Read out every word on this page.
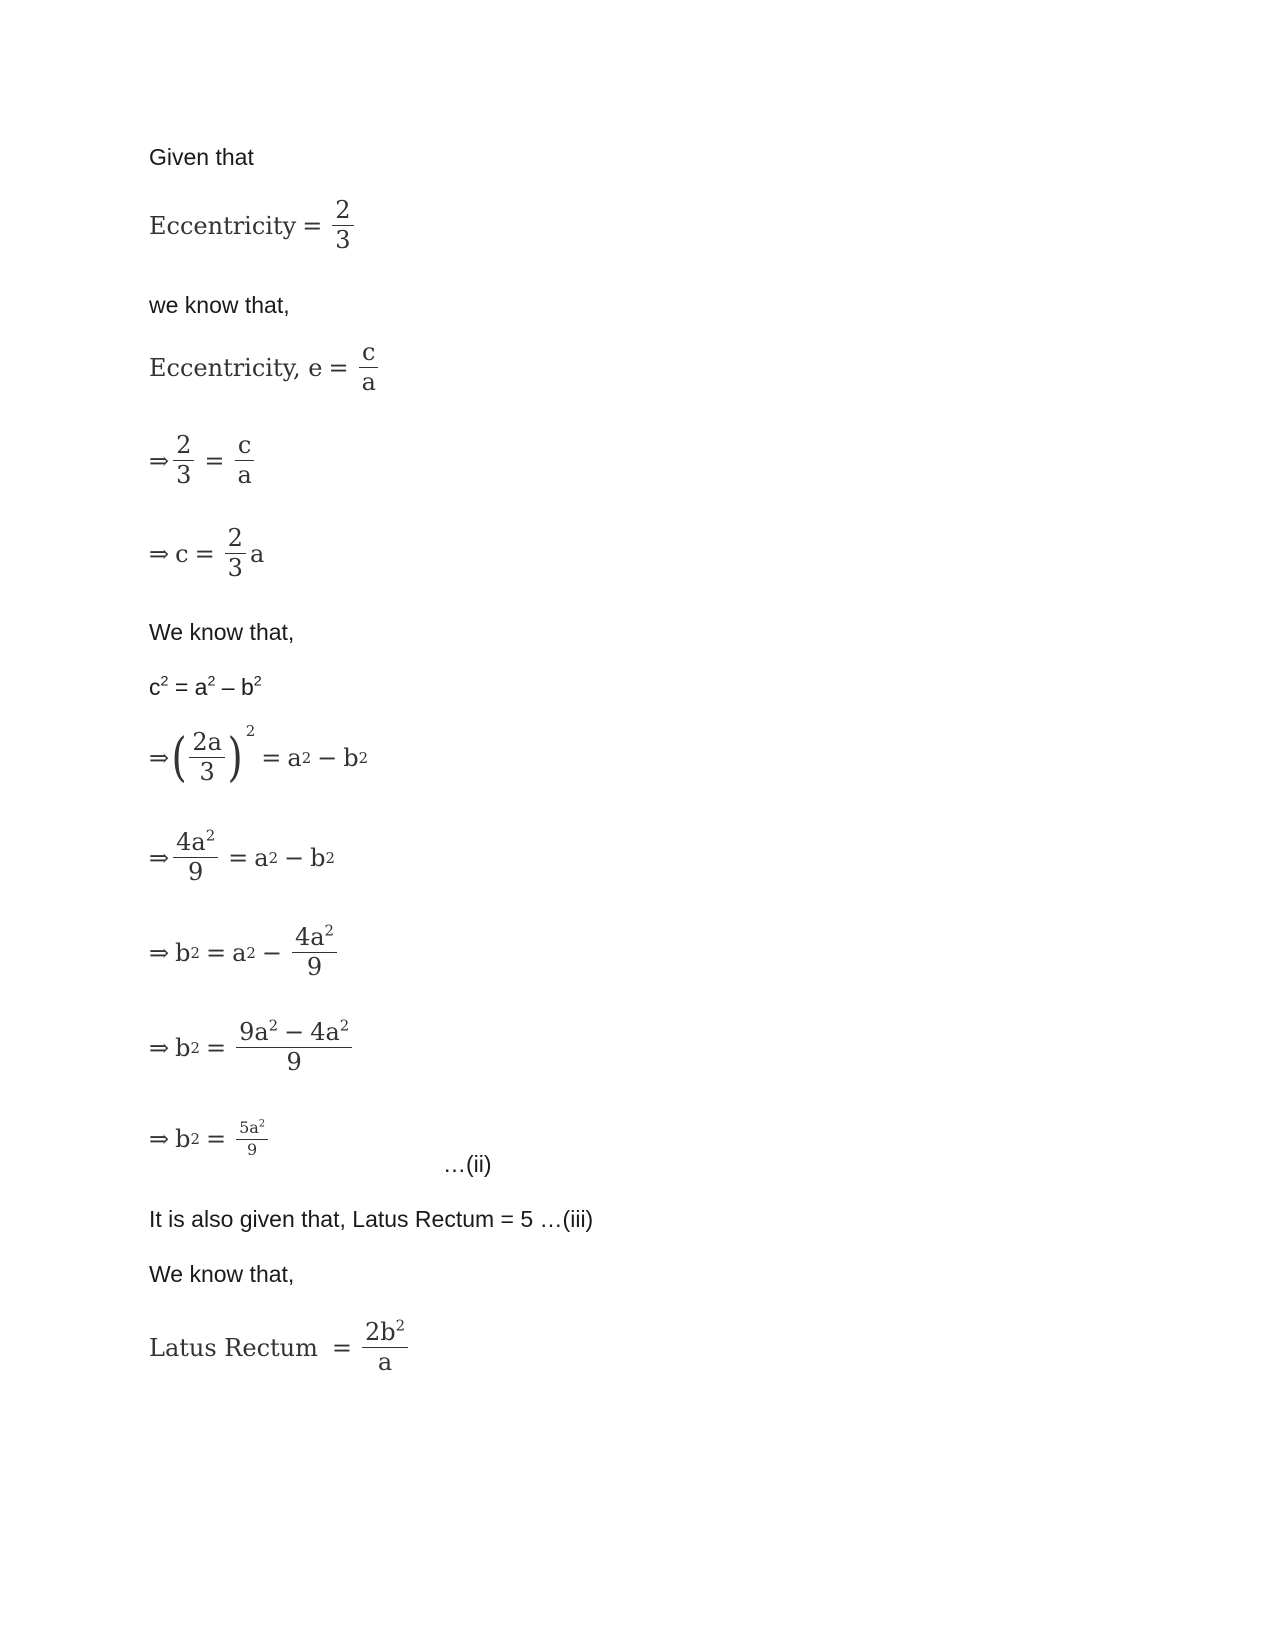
Given that
Eccentricity = $\frac{2}{3}$
we know that,
Eccentricity, $e = \frac{c}{a}$
⇒ $\frac{2}{3} = \frac{c}{a}$
⇒ $c = \frac{2}{3}$ a
We know that,
$c^2 = a^2 - b^2$
⇒ ( $\frac{2a}{3}$ ) 2
= a 2 − b 2
⇒ $\frac{4a^2}{9} = a$ 2 − b 2
⇒ b 2 = a $2 - \frac{4a^2}{9}$
⇒ b $2 = \frac{9a^2 - 4a^2}{9}$
⇒ b $2 = \frac{5a^2}{9}$
…(ii)
It is also given that, Latus Rectum = 5 …(iii)
We know that,
Latus Rectum = $\frac{2b^2}{a}$
